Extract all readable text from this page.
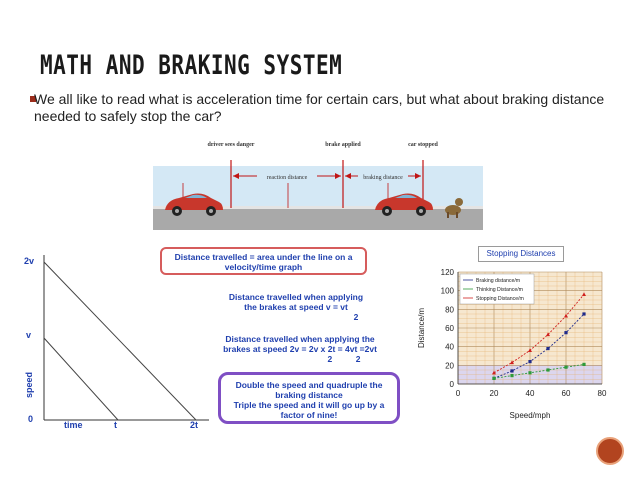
MATH AND BRAKING SYSTEM
We all like to read what is acceleration time for certain cars, but what about braking distance needed to safely stop the car?
reaction distance	braking distance
driver sees danger	brake applied	car stopped
2v
v
0
time	t	2t
speed
Distance travelled = area under the line on a
velocity/time graph
Distance travelled when applying
the brakes at speed v = vt
2
Distance travelled when applying the
brakes at speed 2v = 2v x 2t = 4vt =2vt
2          2
Double the speed and quadruple the
braking distance
Triple the speed and it will go up by a
factor of nine!
Stopping Distances
0	20	40	60	80
0
20
40
60
80
100
120
Speed/mph
Distance/m
Braking distance/m
Thinking Distance/m
Stopping Distance/m
